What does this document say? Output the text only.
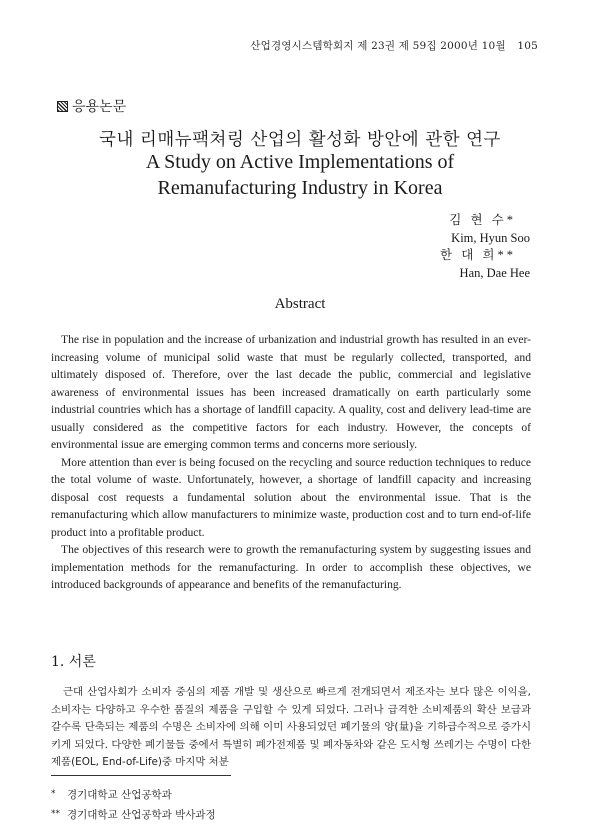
산업경영시스템학회지 제 23권 제 59집 2000년 10월 105
응용논문
국내 리매뉴팩쳐링 산업의 활성화 방안에 관한 연구
A Study on Active Implementations of
Remanufacturing Industry in Korea
김 현 수*
Kim, Hyun Soo
한 대 희**
Han, Dae Hee
Abstract

The rise in population and the increase of urbanization and industrial growth has resulted in an ever-increasing volume of municipal solid waste that must be regularly collected, transported, and ultimately disposed of. Therefore, over the last decade the public, commercial and legislative awareness of environmental issues has been increased dramatically on earth particularly some industrial countries which has a shortage of landfill capacity. A quality, cost and delivery lead-time are usually considered as the competitive factors for each industry. However, the concepts of environmental issue are emerging common terms and concerns more seriously.

More attention than ever is being focused on the recycling and source reduction techniques to reduce the total volume of waste. Unfortunately, however, a shortage of landfill capacity and increasing disposal cost requests a fundamental solution about the environmental issue. That is the remanufacturing which allow manufacturers to minimize waste, production cost and to turn end-of-life product into a profitable product.

The objectives of this research were to growth the remanufacturing system by suggesting issues and implementation methods for the remanufacturing. In order to accomplish these objectives, we introduced backgrounds of appearance and benefits of the remanufacturing.

1. 서론

근대 산업사회가 소비자 중심의 제품 개발 및 생산으로 빠르게 전개되면서 제조자는 보다 많은 이익을, 소비자는 다양하고 우수한 품질의 제품을 구입할 수 있게 되었다. 그러나 급격한 소비제품의 확산 보급과 갈수록 단축되는 제품의 수명은 소비자에 의해 이미 사용되었던 폐기물의 양(量)을 기하급수적으로 증가시키게 되었다. 다양한 폐기물들 중에서 특별히 폐가전제품 및 폐자동차와 같은 도시형 쓰레기는 수명이 다한 제품(EOL, End-of-Life)중 마지막 처분

* 경기대학교 산업공학과
** 경기대학교 산업공학과 박사과정
